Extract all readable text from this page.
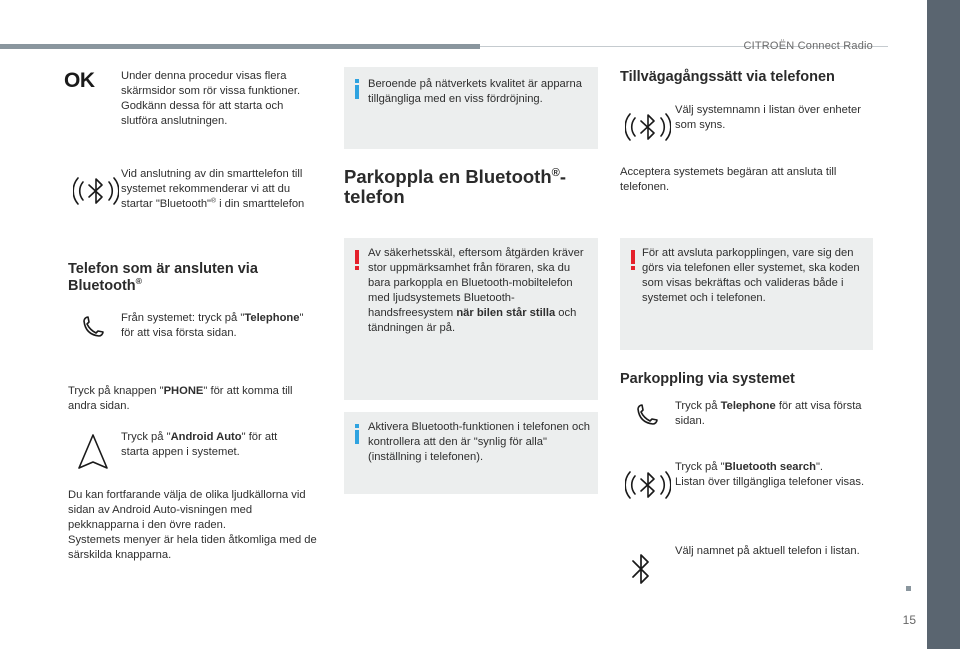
CITROËN Connect Radio
15
OK Under denna procedur visas flera skärmsidor som rör vissa funktioner. Godkänn dessa för att starta och slutföra anslutningen.
Vid anslutning av din smarttelefon till systemet rekommenderar vi att du startar "Bluetooth"® i din smarttelefon
Telefon som är ansluten via Bluetooth®
Från systemet: tryck på "Telephone" för att visa första sidan.
Tryck på knappen "PHONE" för att komma till andra sidan.
Tryck på "Android Auto" för att starta appen i systemet.
Du kan fortfarande välja de olika ljudkällorna vid sidan av Android Auto-visningen med pekknapparna i den övre raden.
Systemets menyer är hela tiden åtkomliga med de särskilda knapparna.
Beroende på nätverkets kvalitet är apparna tillgängliga med en viss fördröjning.
Parkoppla en Bluetooth®-
telefon
Av säkerhetsskäl, eftersom åtgärden kräver stor uppmärksamhet från föraren, ska du bara parkoppla en Bluetooth-mobiltelefon med ljudsystemets Bluetooth-handsfreesystem när bilen står stilla och tändningen är på.
Aktivera Bluetooth-funktionen i telefonen och kontrollera att den är "synlig för alla" (inställning i telefonen).
Tillvägagångssätt via telefonen
Välj systemnamn i listan över enheter som syns.
Acceptera systemets begäran att ansluta till telefonen.
För att avsluta parkopplingen, vare sig den görs via telefonen eller systemet, ska koden som visas bekräftas och valideras både i systemet och i telefonen.
Parkoppling via systemet
Tryck på Telephone för att visa första sidan.
Tryck på "Bluetooth search".
Listan över tillgängliga telefoner visas.
Välj namnet på aktuell telefon i listan.
